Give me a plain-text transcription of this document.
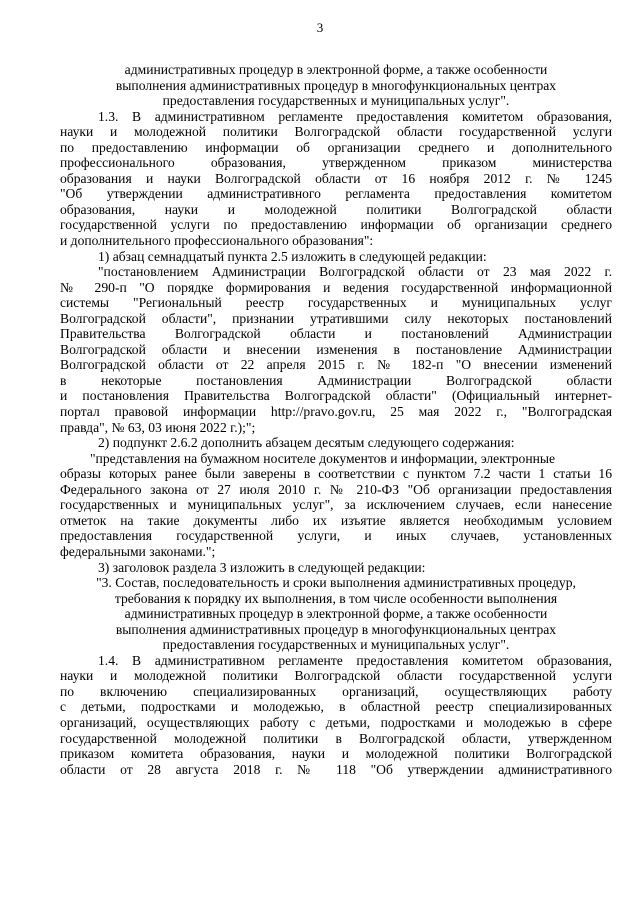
3
административных процедур в электронной форме, а также особенности
выполнения административных процедур в многофункциональных центрах
предоставления государственных и муниципальных услуг".
1.3. В административном регламенте предоставления комитетом образования,
науки и молодежной политики Волгоградской области государственной услуги
по предоставлению информации об организации среднего и дополнительного
профессионального образования, утвержденном приказом министерства
образования и науки Волгоградской области от 16 ноября 2012 г. № 1245
"Об утверждении административного регламента предоставления комитетом
образования, науки и молодежной политики Волгоградской области
государственной услуги по предоставлению информации об организации среднего
и дополнительного профессионального образования":
1) абзац семнадцатый пункта 2.5 изложить в следующей редакции:
"постановлением Администрации Волгоградской области от 23 мая 2022 г.
№ 290-п "О порядке формирования и ведения государственной информационной
системы "Региональный реестр государственных и муниципальных услуг
Волгоградской области", признании утратившими силу некоторых постановлений
Правительства Волгоградской области и постановлений Администрации
Волгоградской области и внесении изменения в постановление Администрации
Волгоградской области от 22 апреля 2015 г. № 182-п "О внесении изменений
в некоторые постановления Администрации Волгоградской области
и постановления Правительства Волгоградской области" (Официальный интернет-
портал правовой информации http://pravo.gov.ru, 25 мая 2022 г., "Волгоградская
правда", № 63, 03 июня 2022 г.);";
2) подпункт 2.6.2 дополнить абзацем десятым следующего содержания:
"представления на бумажном носителе документов и информации, электронные
образы которых ранее были заверены в соответствии с пунктом 7.2 части 1 статьи 16
Федерального закона от 27 июля 2010 г. № 210-ФЗ "Об организации предоставления
государственных и муниципальных услуг", за исключением случаев, если нанесение
отметок на такие документы либо их изъятие является необходимым условием
предоставления государственной услуги, и иных случаев, установленных
федеральными законами.";
3) заголовок раздела 3 изложить в следующей редакции:
"3. Состав, последовательность и сроки выполнения административных процедур,
требования к порядку их выполнения, в том числе особенности выполнения
административных процедур в электронной форме, а также особенности
выполнения административных процедур в многофункциональных центрах
предоставления государственных и муниципальных услуг".
1.4. В административном регламенте предоставления комитетом образования,
науки и молодежной политики Волгоградской области государственной услуги
по включению специализированных организаций, осуществляющих работу
с детьми, подростками и молодежью, в областной реестр специализированных
организаций, осуществляющих работу с детьми, подростками и молодежью в сфере
государственной молодежной политики в Волгоградской области, утвержденном
приказом комитета образования, науки и молодежной политики Волгоградской
области от 28 августа 2018 г. № 118 "Об утверждении административного
